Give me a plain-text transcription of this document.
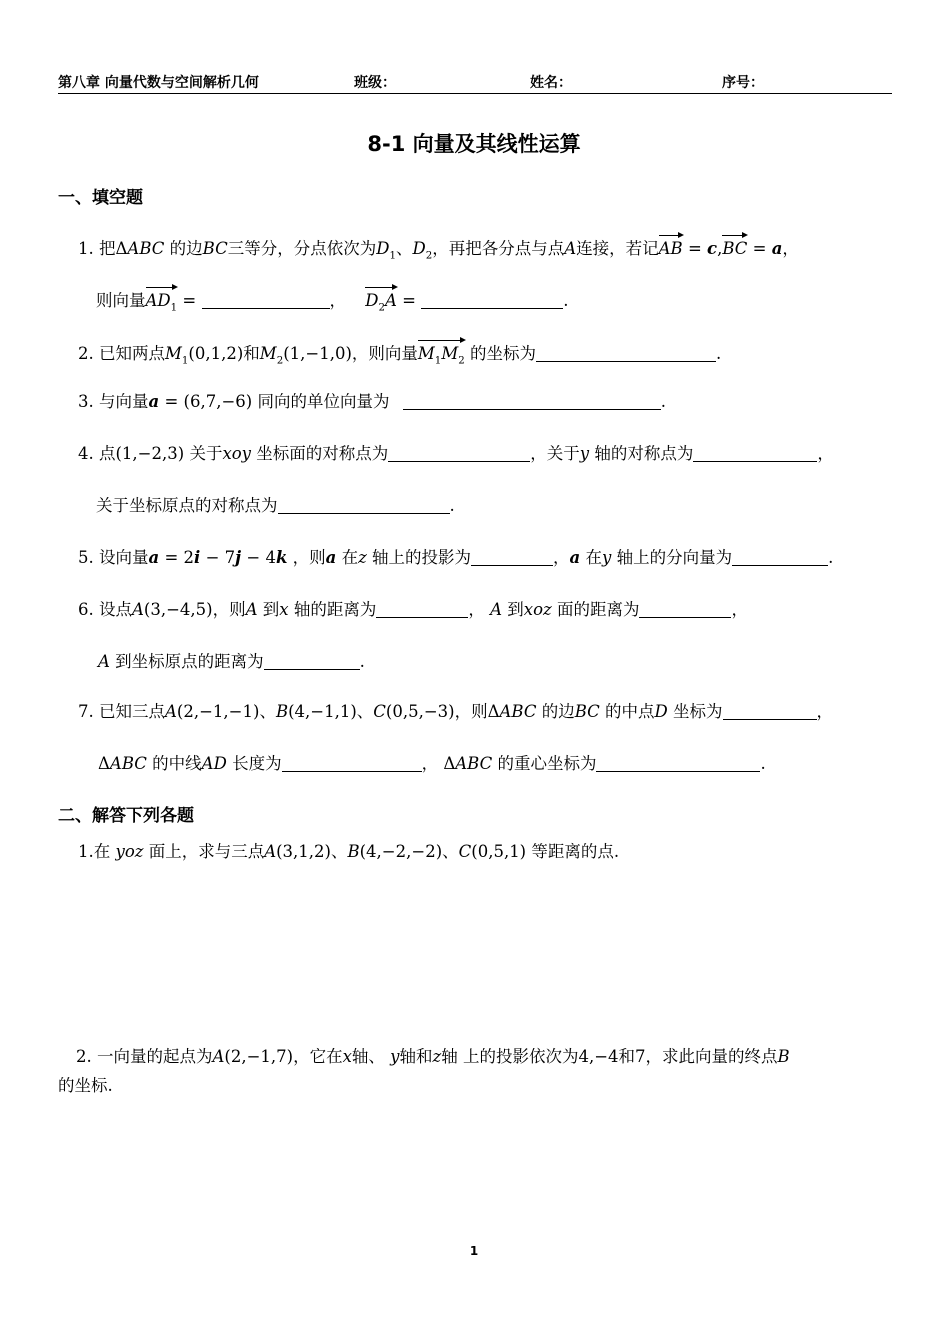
第八章 向量代数与空间解析几何	班级：	姓名：	序号：
8-1 向量及其线性运算
一、填空题
1. 把ΔABC 的边BC三等分，分点依次为$D_1$、$D_2$，再把各分点与点A连接，若记AB = c,BC = a，
则向量$AD_1$ =	， $D_2A$ =	.
2. 已知两点$M_1(0,1,2)$和$M_2(1,-1,0)$，则向量$M_1M_2$ 的坐标为	.
3. 与向量a = (6,7,−6) 同向的单位向量为	.
4. 点(1,−2,3) 关于xoy 坐标面的对称点为	，关于y 轴的对称点为	，
关于坐标原点的对称点为	.
5. 设向量a = 2i − 7j − 4k ，则a 在z 轴上的投影为	，a 在y 轴上的分向量为	.
6. 设点A(3,−4,5)，则A 到x 轴的距离为	， A 到xoz 面的距离为	，
A 到坐标原点的距离为	.
7. 已知三点A(2,−1,−1)、B(4,−1,1)、C(0,5,−3)，则ΔABC 的边BC 的中点D 坐标为	，
ΔABC 的中线AD 长度为	， ΔABC 的重心坐标为	.
二、解答下列各题
1.在 yoz 面上，求与三点A(3,1,2)、B(4,−2,−2)、C(0,5,1) 等距离的点.
2. 一向量的起点为A(2,−1,7)，它在x轴、 y轴和z轴 上的投影依次为4,−4和7，求此向量的终点B
的坐标.
1
